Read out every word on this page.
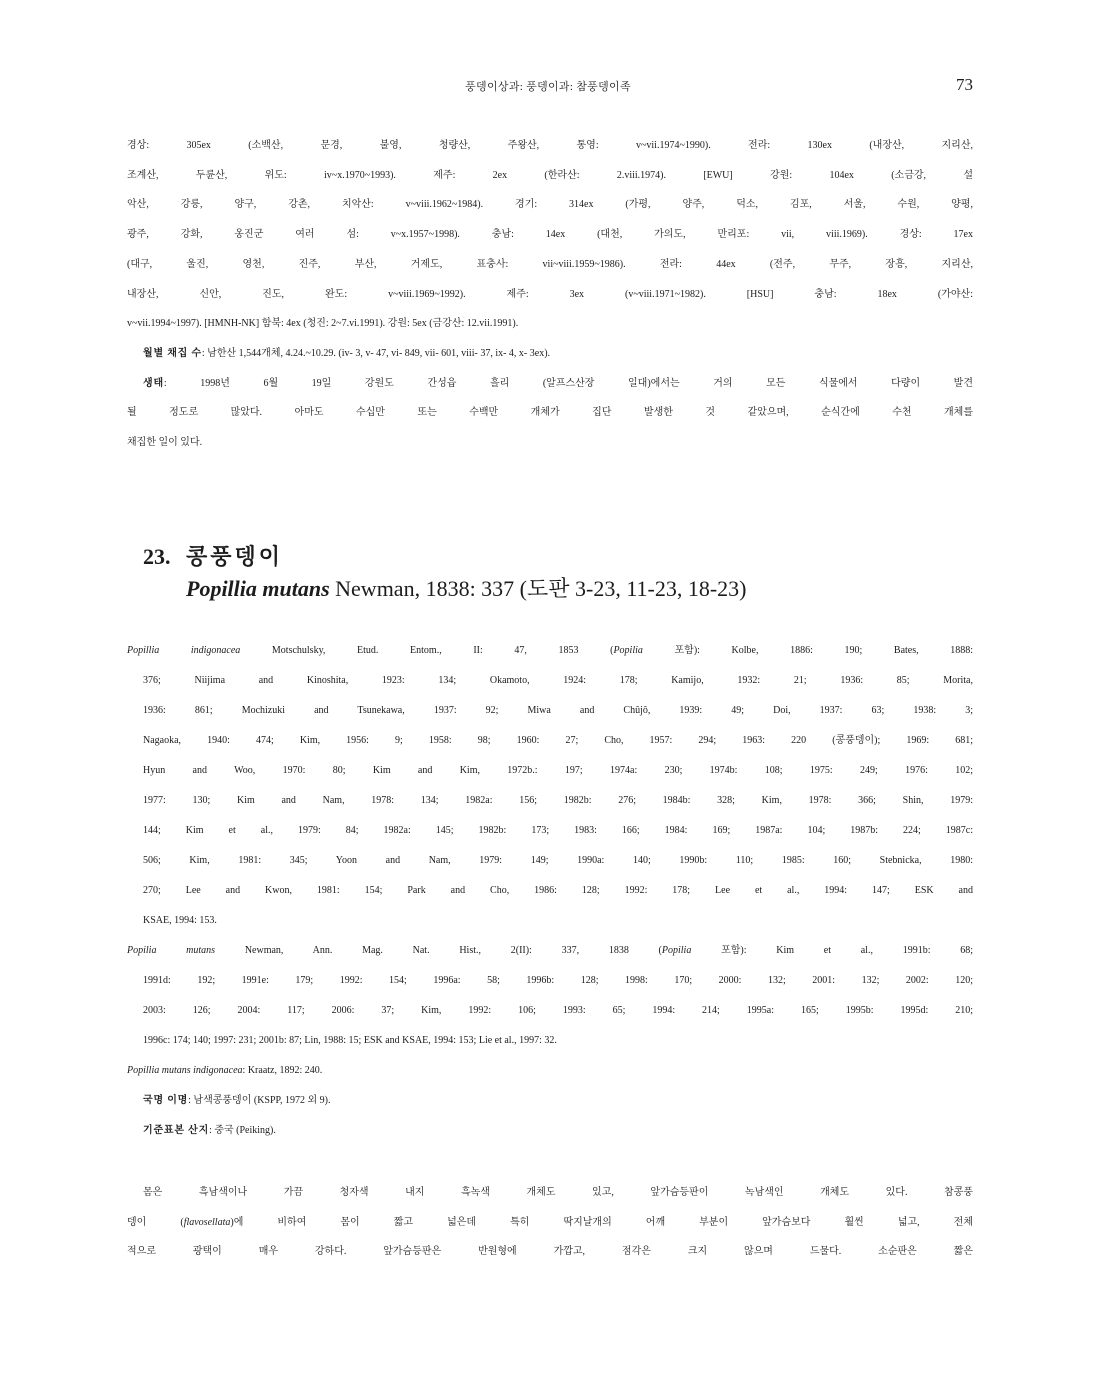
풍뎅이상과: 풍뎅이과: 참풍뎅이족	73
경상: 305ex (소백산, 문경, 불영, 청량산, 주왕산, 통영: v~vii.1974~1990). 전라: 130ex (내장산, 지리산,
조계산, 두륜산, 위도: iv~x.1970~1993). 제주: 2ex (한라산: 2.viii.1974). [EWU] 강원: 104ex (소금강, 설
악산, 강릉, 양구, 강촌, 치악산: v~viii.1962~1984). 경기: 314ex (가평, 양주, 덕소, 김포, 서울, 수원, 양평,
광주, 강화, 옹진군 여러 섬: v~x.1957~1998). 충남: 14ex (대천, 가의도, 만리포: vii, viii.1969). 경상: 17ex
(대구, 울진, 영천, 진주, 부산, 거제도, 표충사: vii~viii.1959~1986). 전라: 44ex (전주, 무주, 장흥, 지리산,
내장산, 신안, 진도, 완도: v~viii.1969~1992). 제주: 3ex (v~viii.1971~1982). [HSU] 충남: 18ex (가야산:
v~vii.1994~1997). [HMNH-NK] 함북: 4ex (청진: 2~7.vi.1991). 강원: 5ex (금강산: 12.vii.1991).
월별 채집 수: 남한산 1,544개체, 4.24.~10.29. (iv- 3, v- 47, vi- 849, vii- 601, viii- 37, ix- 4, x- 3ex).
생태: 1998년 6월 19일 강원도 간성읍 흘리 (알프스산장 일대)에서는 거의 모든 식물에서 다량이 발견
될 정도로 많았다. 아마도 수십만 또는 수백만 개체가 집단 발생한 것 같았으며, 순식간에 수천 개체를
채집한 일이 있다.
23. 콩풍뎅이
Popillia mutans Newman, 1838: 337 (도판 3-23, 11-23, 18-23)
Popillia indigonacea Motschulsky, Etud. Entom., II: 47, 1853 (Popilia 포함): Kolbe, 1886: 190; Bates, 1888:
376; Niijima and Kinoshita, 1923: 134; Okamoto, 1924: 178; Kamijo, 1932: 21; 1936: 85; Morita,
1936: 861; Mochizuki and Tsunekawa, 1937: 92; Miwa and Chûjô, 1939: 49; Doi, 1937: 63; 1938: 3;
Nagaoka, 1940: 474; Kim, 1956: 9; 1958: 98; 1960: 27; Cho, 1957: 294; 1963: 220 (콩풍뎅이); 1969: 681;
Hyun and Woo, 1970: 80; Kim and Kim, 1972b.: 197; 1974a: 230; 1974b: 108; 1975: 249; 1976: 102;
1977: 130; Kim and Nam, 1978: 134; 1982a: 156; 1982b: 276; 1984b: 328; Kim, 1978: 366; Shin, 1979:
144; Kim et al., 1979: 84; 1982a: 145; 1982b: 173; 1983: 166; 1984: 169; 1987a: 104; 1987b: 224; 1987c:
506; Kim, 1981: 345; Yoon and Nam, 1979: 149; 1990a: 140; 1990b: 110; 1985: 160; Stebnicka, 1980:
270; Lee and Kwon, 1981: 154; Park and Cho, 1986: 128; 1992: 178; Lee et al., 1994: 147; ESK and
KSAE, 1994: 153.
Popilia mutans Newman, Ann. Mag. Nat. Hist., 2(II): 337, 1838 (Popilia 포함): Kim et al., 1991b: 68;
1991d: 192; 1991e: 179; 1992: 154; 1996a: 58; 1996b: 128; 1998: 170; 2000: 132; 2001: 132; 2002: 120;
2003: 126; 2004: 117; 2006: 37; Kim, 1992: 106; 1993: 65; 1994: 214; 1995a: 165; 1995b: 1995d: 210;
1996c: 174; 140; 1997: 231; 2001b: 87; Lin, 1988: 15; ESK and KSAE, 1994: 153; Lie et al., 1997: 32.
Popillia mutans indigonacea: Kraatz, 1892: 240.
국명 이명: 남색콩풍뎅이 (KSPP, 1972 외 9).
기준표본 산지: 중국 (Peiking).
몸은 흑남색이나 가끔 청자색 내지 흑녹색 개체도 있고, 앞가슴등판이 녹남색인 개체도 있다. 참콩풍
뎅이 (flavosellata)에 비하여 몸이 짧고 넓은데 특히 딱지날개의 어깨 부분이 앞가슴보다 훨씬 넓고, 전체
적으로 광택이 매우 강하다. 앞가슴등판은 반원형에 가깝고, 점각은 크지 않으며 드물다. 소순판은 짧은
